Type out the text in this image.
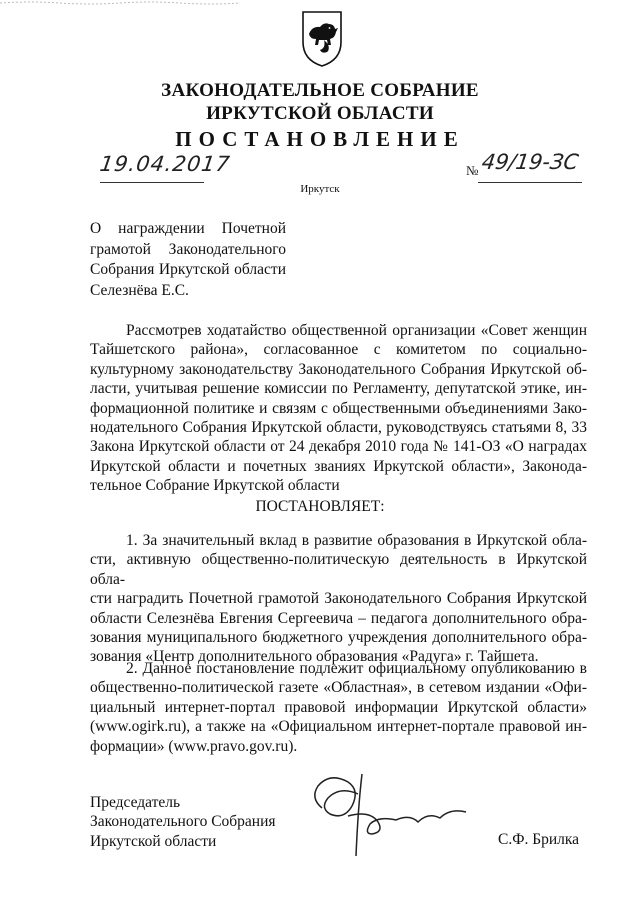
ЗАКОНОДАТЕЛЬНОЕ СОБРАНИЕ
ИРКУТСКОЙ ОБЛАСТИ
ПОСТАНОВЛЕНИЕ
19.04.2017	№ 49/19-ЗС
Иркутск
О награждении Почетной
грамотой Законодательного
Собрания Иркутской области
Селезнёва Е.С.
Рассмотрев ходатайство общественной организации «Совет женщин
Тайшетского района», согласованное с комитетом по социально-
культурному законодательству Законодательного Собрания Иркутской об-
ласти, учитывая решение комиссии по Регламенту, депутатской этике, ин-
формационной политике и связям с общественными объединениями Зако-
нодательного Собрания Иркутской области, руководствуясь статьями 8, 33
Закона Иркутской области от 24 декабря 2010 года № 141-ОЗ «О наградах
Иркутской области и почетных званиях Иркутской области», Законода-
тельное Собрание Иркутской области
ПОСТАНОВЛЯЕТ:
1. За значительный вклад в развитие образования в Иркутской обла-
сти, активную общественно-политическую деятельность в Иркутской обла-
сти наградить Почетной грамотой Законодательного Собрания Иркутской
области Селезнёва Евгения Сергеевича – педагога дополнительного обра-
зования муниципального бюджетного учреждения дополнительного обра-
зования «Центр дополнительного образования «Радуга» г. Тайшета.
2. Данное постановление подлежит официальному опубликованию в
общественно-политической газете «Областная», в сетевом издании «Офи-
циальный интернет-портал правовой информации Иркутской области»
(www.ogirk.ru), а также на «Официальном интернет-портале правовой ин-
формации» (www.pravo.gov.ru).
Председатель
Законодательного Собрания
Иркутской области	С.Ф. Брилка
